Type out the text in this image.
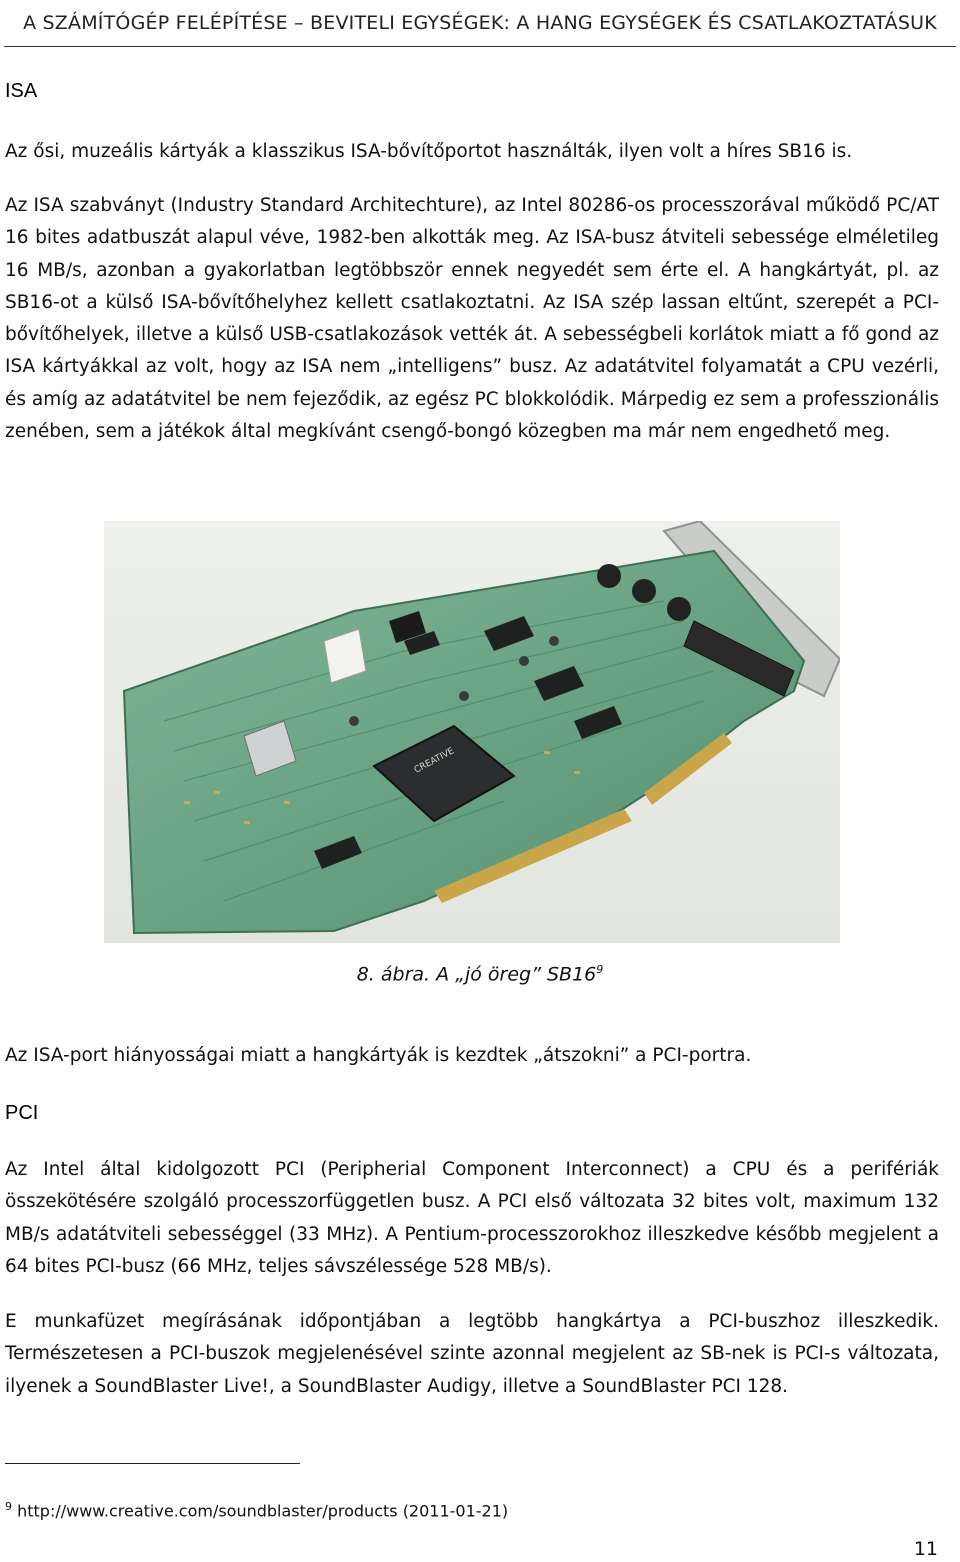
A SZÁMÍTÓGÉP FELÉPÍTÉSE – BEVITELI EGYSÉGEK: A HANG EGYSÉGEK ÉS CSATLAKOZTATÁSUK
ISA

Az ősi, muzeális kártyák a klasszikus ISA-bővítőportot használták, ilyen volt a híres SB16 is.

Az ISA szabványt (Industry Standard Architechture), az Intel 80286-os processzorával működő PC/AT 16 bites adatbuszát alapul véve, 1982-ben alkották meg. Az ISA-busz átviteli sebessége elméletileg 16 MB/s, azonban a gyakorlatban legtöbbször ennek negyedét sem érte el. A hangkártyát, pl. az SB16-ot a külső ISA-bővítőhelyhez kellett csatlakoztatni. Az ISA szép lassan eltűnt, szerepét a PCI-bővítőhelyek, illetve a külső USB-csatlakozások vették át. A sebességbeli korlátok miatt a fő gond az ISA kártyákkal az volt, hogy az ISA nem „intelligens” busz. Az adatátvitel folyamatát a CPU vezérli, és amíg az adatátvitel be nem fejeződik, az egész PC blokkolódik. Márpedig ez sem a professzionális zenében, sem a játékok által megkívánt csengő-bongó közegben ma már nem engedhető meg.

CREATIVE
8. ábra. A „jó öreg” $SB16^9$

Az ISA-port hiányosságai miatt a hangkártyák is kezdtek „átszokni” a PCI-portra.

PCI

Az Intel által kidolgozott PCI (Peripherial Component Interconnect) a CPU és a perifériák összekötésére szolgáló processzorfüggetlen busz. A PCI első változata 32 bites volt, maximum 132 MB/s adatátviteli sebességgel (33 MHz). A Pentium-processzorokhoz illeszkedve később megjelent a 64 bites PCI-busz (66 MHz, teljes sávszélessége 528 MB/s).

E munkafüzet megírásának időpontjában a legtöbb hangkártya a PCI-buszhoz illeszkedik. Természetesen a PCI-buszok megjelenésével szinte azonnal megjelent az SB-nek is PCI-s változata, ilyenek a SoundBlaster Live!, a SoundBlaster Audigy, illetve a SoundBlaster PCI 128.

$^9$ http://www.creative.com/soundblaster/products (2011-01-21)
11
